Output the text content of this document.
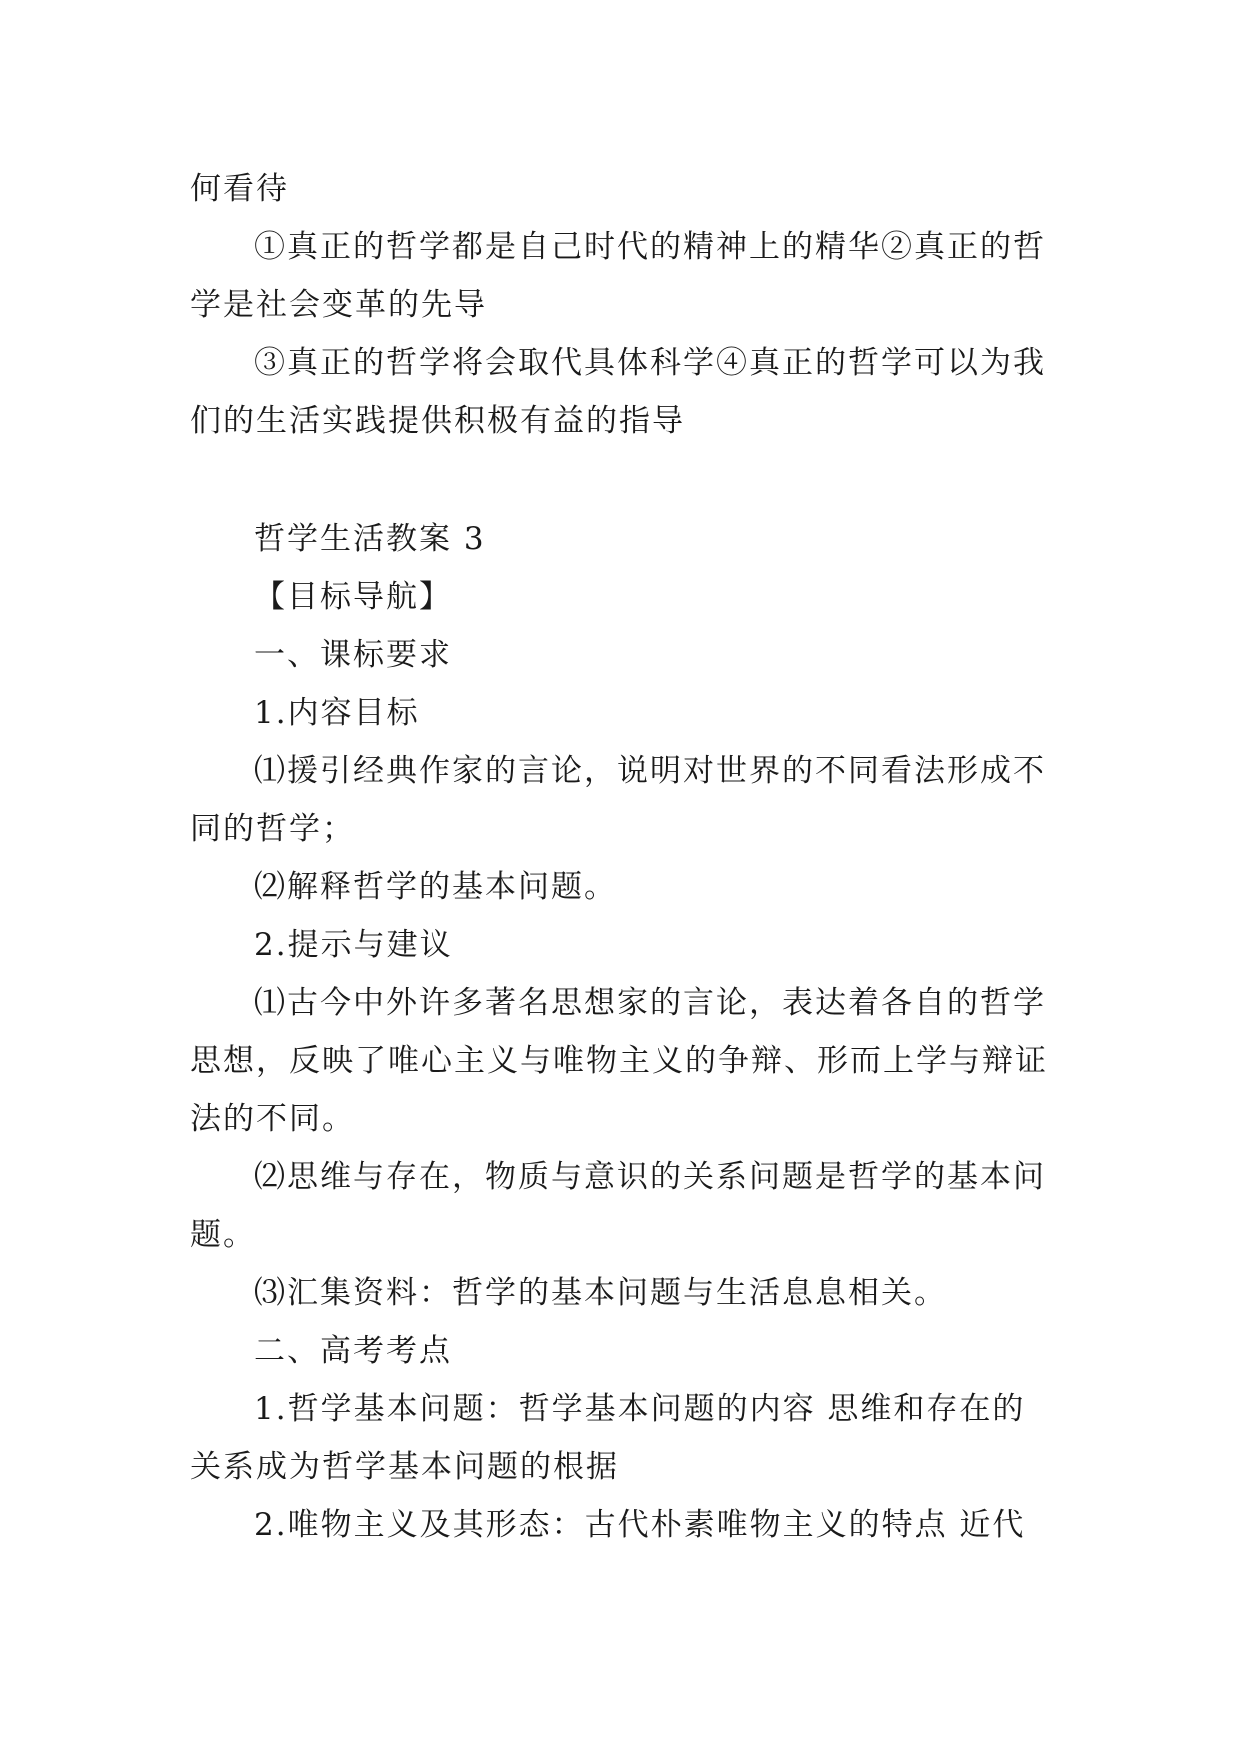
何看待

①真正的哲学都是自己时代的精神上的精华②真正的哲学是社会变革的先导

③真正的哲学将会取代具体科学④真正的哲学可以为我们的生活实践提供积极有益的指导

哲学生活教案 3

【目标导航】

一、课标要求

1.内容目标

⑴援引经典作家的言论，说明对世界的不同看法形成不同的哲学；

⑵解释哲学的基本问题。

2.提示与建议

⑴古今中外许多著名思想家的言论，表达着各自的哲学思想，反映了唯心主义与唯物主义的争辩、形而上学与辩证法的不同。

⑵思维与存在，物质与意识的关系问题是哲学的基本问题。

⑶汇集资料：哲学的基本问题与生活息息相关。

二、高考考点

1.哲学基本问题：哲学基本问题的内容 思维和存在的关系成为哲学基本问题的根据

2.唯物主义及其形态：古代朴素唯物主义的特点 近代
